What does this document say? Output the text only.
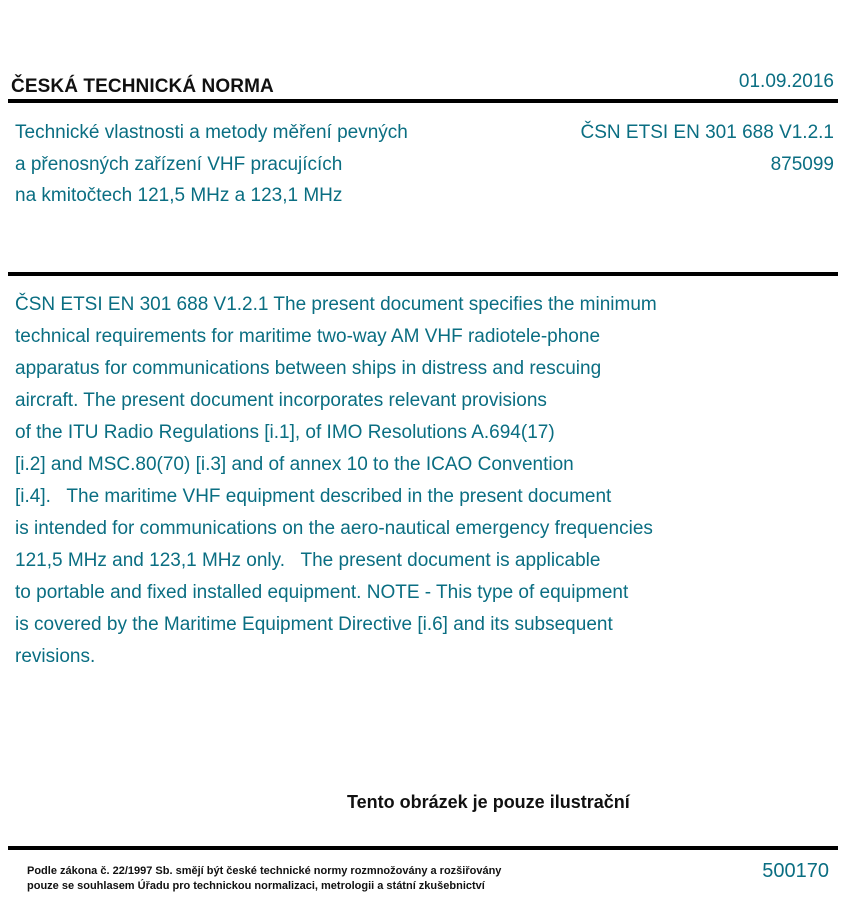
ČESKÁ TECHNICKÁ NORMA	01.09.2016
Technické vlastnosti a metody měření pevných
a přenosných zařízení VHF pracujících
na kmitočtech 121,5 MHz a 123,1 MHz
ČSN ETSI EN 301 688 V1.2.1
875099
ČSN ETSI EN 301 688 V1.2.1 The present document specifies the minimum
technical requirements for maritime two-way AM VHF radiotele-phone
apparatus for communications between ships in distress and rescuing
aircraft. The present document incorporates relevant provisions
of the ITU Radio Regulations [i.1], of IMO Resolutions A.694(17)
[i.2] and MSC.80(70) [i.3] and of annex 10 to the ICAO Convention
[i.4].   The maritime VHF equipment described in the present document
is intended for communications on the aero-nautical emergency frequencies
121,5 MHz and 123,1 MHz only.   The present document is applicable
to portable and fixed installed equipment. NOTE - This type of equipment
is covered by the Maritime Equipment Directive [i.6] and its subsequent
revisions.
Tento obrázek je pouze ilustrační
Podle zákona č. 22/1997 Sb. smějí být české technické normy rozmnožovány a rozšiřovány
pouze se souhlasem Úřadu pro technickou normalizaci, metrologii a státní zkušebnictví
500170
